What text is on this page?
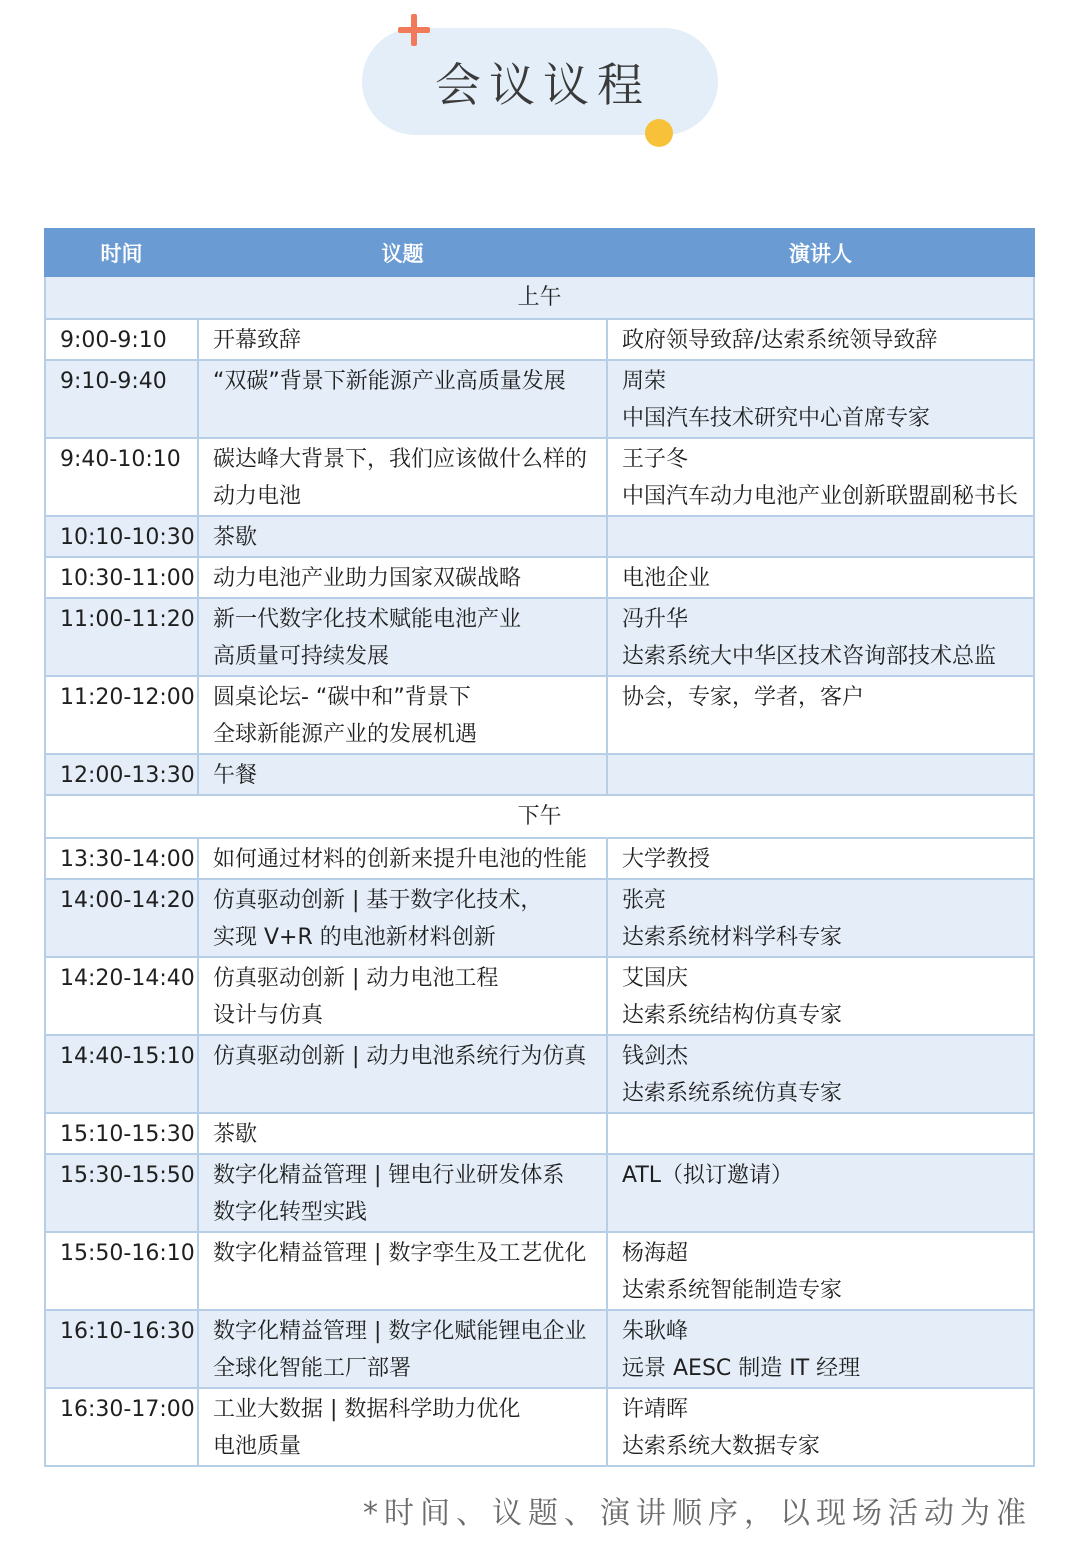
会议议程
时间	议题	演讲人
上午		

9:00-9:10	开幕致辞	政府领导致辞/达索系统领导致辞

9:10-9:40	“双碳”背景下新能源产业高质量发展	周荣
中国汽车技术研究中心首席专家

9:40-10:10	碳达峰大背景下，我们应该做什么样的
动力电池	王子冬
中国汽车动力电池产业创新联盟副秘书长

10:10-10:30	茶歇	

10:30-11:00	动力电池产业助力国家双碳战略	电池企业

11:00-11:20	新一代数字化技术赋能电池产业
高质量可持续发展	冯升华
达索系统大中华区技术咨询部技术总监

11:20-12:00	圆桌论坛- “碳中和”背景下
全球新能源产业的发展机遇	协会，专家，学者，客户

12:00-13:30	午餐	

下午		

13:30-14:00	如何通过材料的创新来提升电池的性能	大学教授

14:00-14:20	仿真驱动创新 | 基于数字化技术，
实现 V+R 的电池新材料创新	张亮
达索系统材料学科专家

14:20-14:40	仿真驱动创新 | 动力电池工程
设计与仿真	艾国庆
达索系统结构仿真专家

14:40-15:10	仿真驱动创新 | 动力电池系统行为仿真	钱剑杰
达索系统系统仿真专家

15:10-15:30	茶歇	

15:30-15:50	数字化精益管理 | 锂电行业研发体系
数字化转型实践	ATL（拟订邀请）

15:50-16:10	数字化精益管理 | 数字孪生及工艺优化	杨海超
达索系统智能制造专家

16:10-16:30	数字化精益管理 | 数字化赋能锂电企业
全球化智能工厂部署	朱耿峰
远景 AESC 制造 IT 经理

16:30-17:00	工业大数据 | 数据科学助力优化
电池质量	许靖晖
达索系统大数据专家
*时间、议题、演讲顺序，以现场活动为准
